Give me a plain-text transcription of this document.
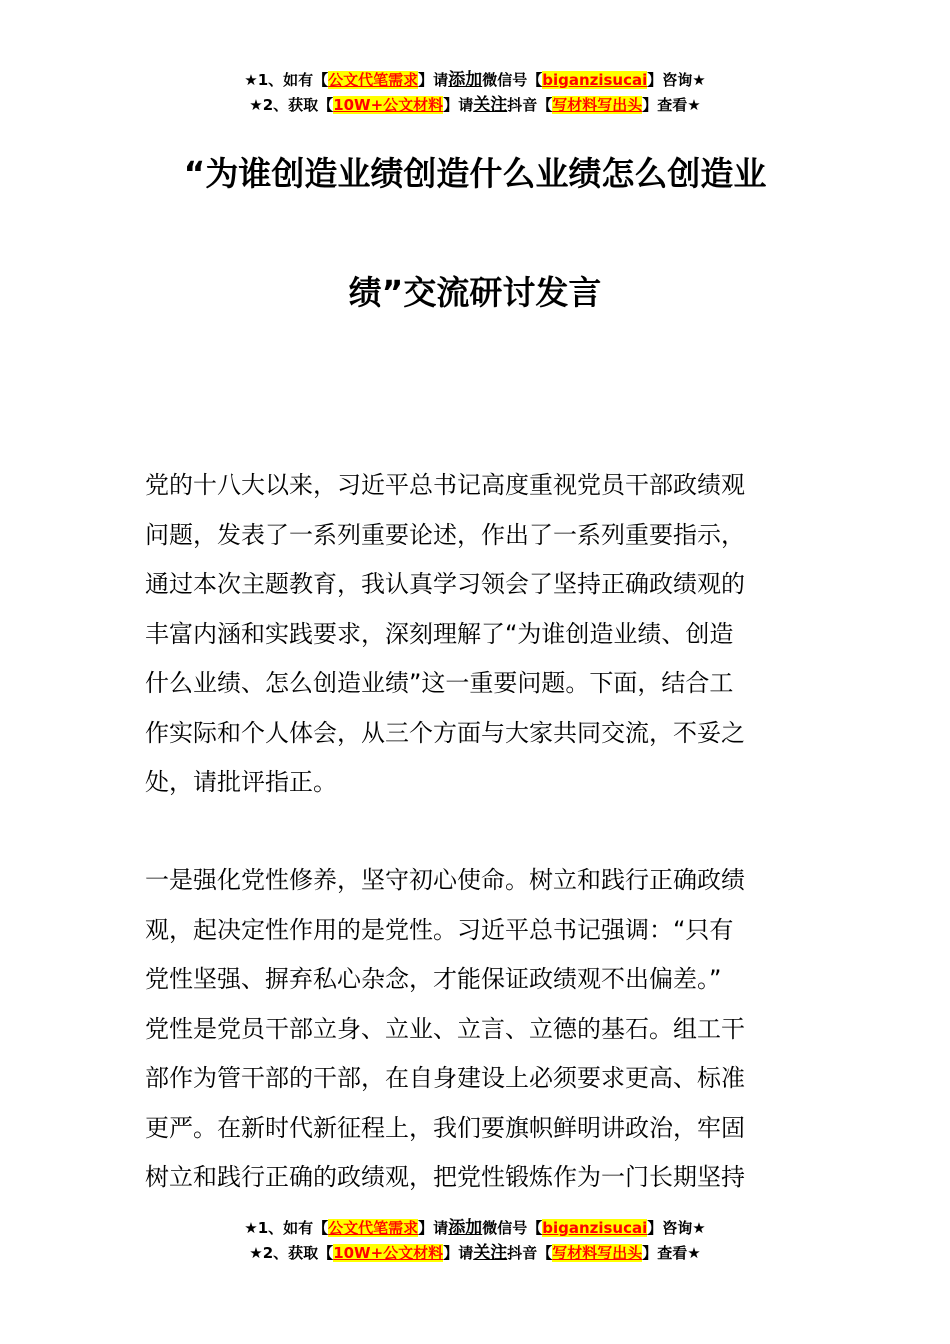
★1、如有【公文代笔需求】请添加微信号【biganzisucai】咨询★
★2、获取【10W+公文材料】请关注抖音【写材料写出头】查看★
“为谁创造业绩创造什么业绩怎么创造业
绩”交流研讨发言
党的十八大以来，习近平总书记高度重视党员干部政绩观
问题，发表了一系列重要论述，作出了一系列重要指示，
通过本次主题教育，我认真学习领会了坚持正确政绩观的
丰富内涵和实践要求，深刻理解了“为谁创造业绩、创造
什么业绩、怎么创造业绩”这一重要问题。下面，结合工
作实际和个人体会，从三个方面与大家共同交流，不妥之
处，请批评指正。
一是强化党性修养，坚守初心使命。树立和践行正确政绩
观，起决定性作用的是党性。习近平总书记强调：“只有
党性坚强、摒弃私心杂念，才能保证政绩观不出偏差。”
党性是党员干部立身、立业、立言、立德的基石。组工干
部作为管干部的干部，在自身建设上必须要求更高、标准
更严。在新时代新征程上，我们要旗帜鲜明讲政治，牢固
树立和践行正确的政绩观，把党性锻炼作为一门长期坚持
★1、如有【公文代笔需求】请添加微信号【biganzisucai】咨询★
★2、获取【10W+公文材料】请关注抖音【写材料写出头】查看★
